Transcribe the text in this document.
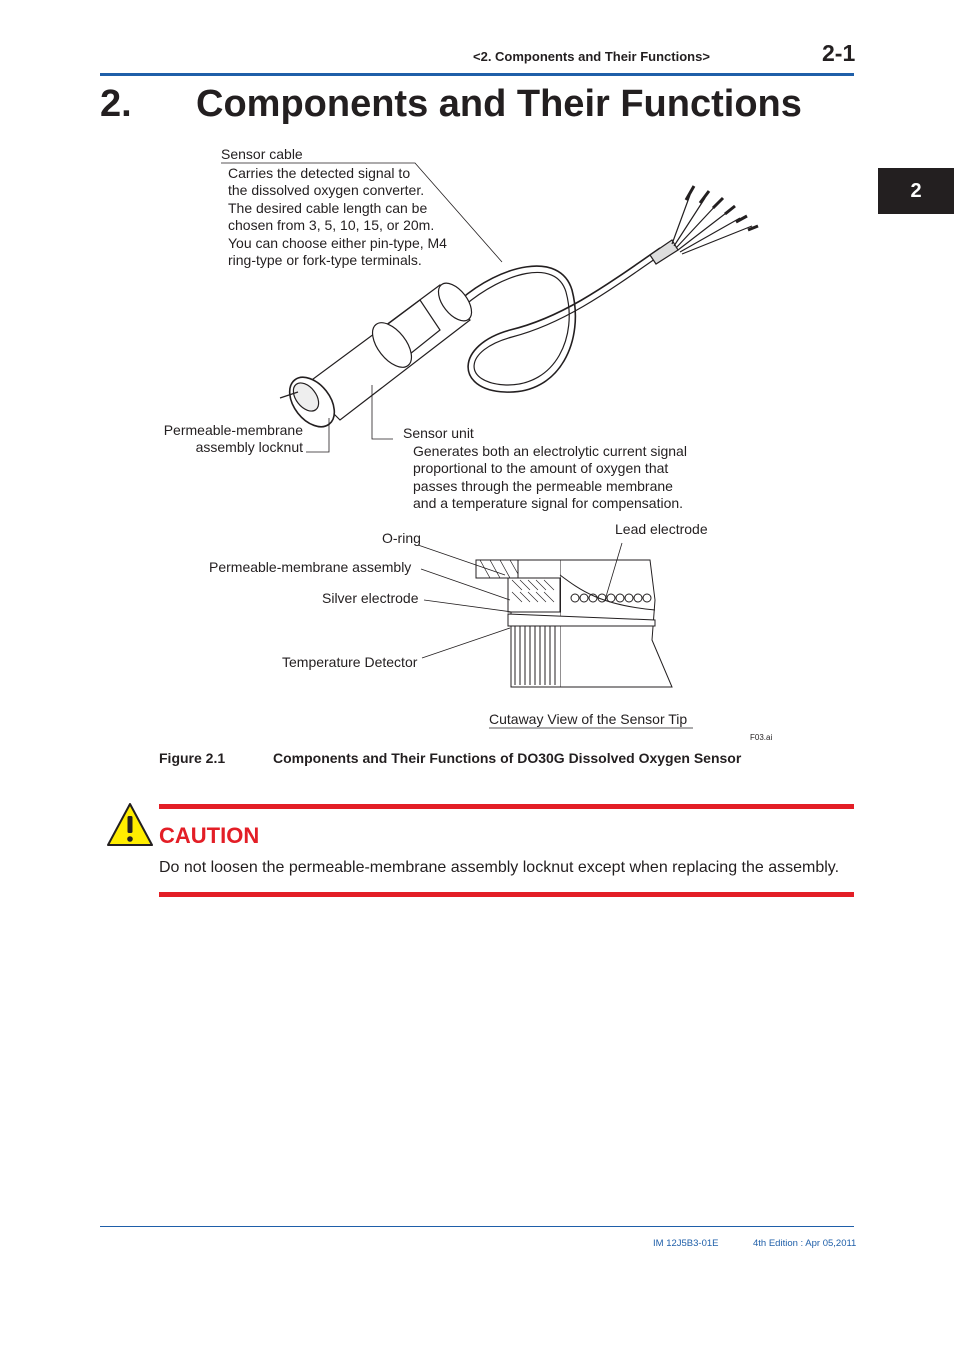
<2. Components and Their Functions>	2-1
2
2. Components and Their Functions
Sensor cable
Carries the detected signal to
the dissolved oxygen converter.
The desired cable length can be
chosen from 3, 5, 10, 15, or 20m.
You can choose either pin-type, M4
ring-type or fork-type terminals.
Permeable-membrane
assembly locknut
Sensor unit
Generates both an electrolytic current signal
proportional to the amount of oxygen that
passes through the permeable membrane
and a temperature signal for compensation.
O-ring
Permeable-membrane assembly
Silver electrode
Temperature Detector
Lead electrode
Cutaway View of the Sensor Tip
F03.ai
Figure 2.1	Components and Their Functions of DO30G Dissolved Oxygen Sensor
CAUTION
Do not loosen the permeable-membrane assembly locknut except when replacing the assembly.
IM 12J5B3-01E	4th Edition : Apr 05,2011
